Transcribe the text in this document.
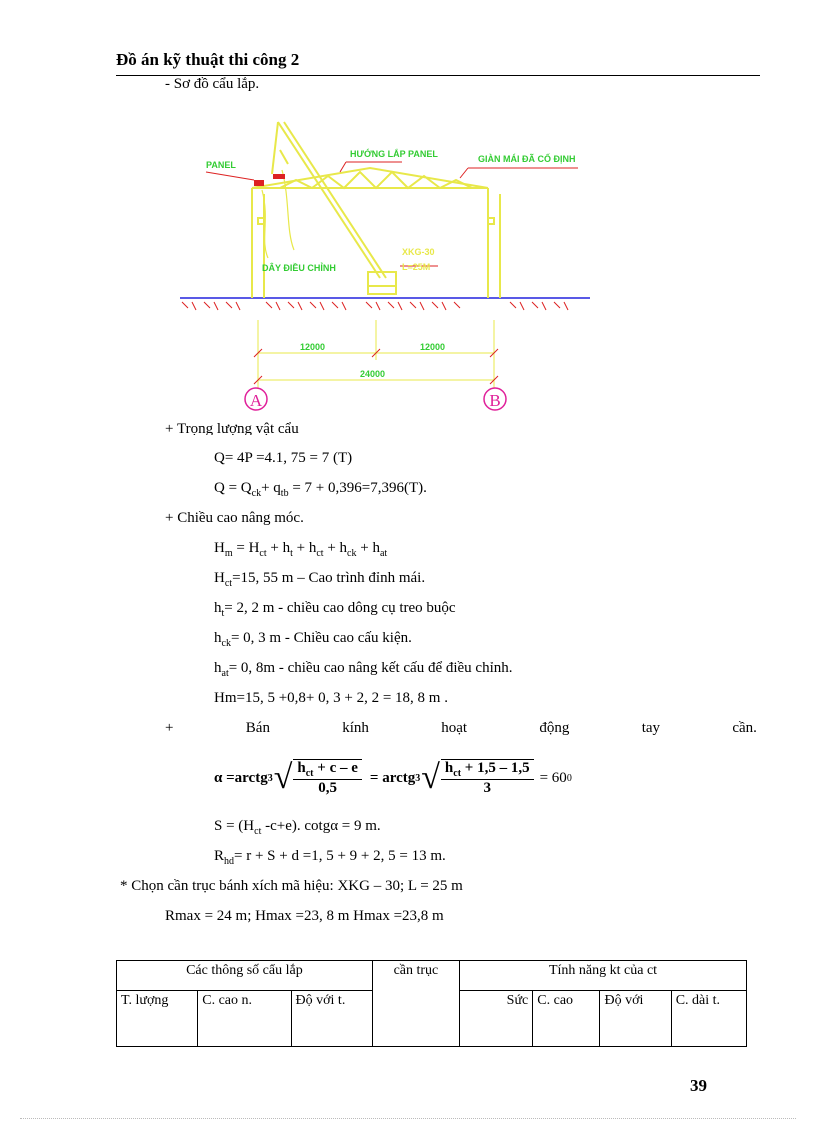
Đồ án kỹ thuật thi công 2
- Sơ đồ cẩu lắp.
PANEL
HƯỚNG LẮP PANEL	GIÀN MÁI ĐÃ CỐ ĐỊNH
DÂY ĐIỀU CHỈNH
XKG-30
L=25M
12000	12000
24000
A	B
+ Trọng lượng vật cẩu
Q= 4P =4.1, 75 = 7 (T)
$Q = Q_{ck}+ q_{tb} = 7 + 0,396=7,396(T)$.
+ Chiều cao nâng móc.
$H_m = H_{ct} + h_t + h_{ct} + h_{ck} + h_{at}$
$H_{ct}=15$, 55 m – Cao trình đỉnh mái.
$h_t= 2$, 2 m - chiều cao dông cụ treo buộc
$h_{ck}= 0$, 3 m - Chiều cao cấu kiện.
$h_{at}= 0$, 8m - chiều cao nâng kết cấu để điều chỉnh.
Hm=15, 5 +0,8+ 0, 3 + 2, 2 = 18, 8 m .
+	Bán	kính	hoạt	động	tay	cần.
α =arctg 3 √ $\frac{h_{ct} + c - e}{0,5}$ = arctg 3 √ $\frac{h_{ct} + 1,5 - 1,5}{3} = 60$ 0
$S = (H_{ct}$ -c+e). cotgα = 9 m.
$R_{hd}= r + S + d =1$, 5 + 9 + 2, 5 = 13 m.
* Chọn cần trục bánh xích mã hiệu: XKG – 30; L = 25 m
Rmax = 24 m; Hmax =23, 8 m Hmax =23,8 m
Các thông số cẩu lắp			cần trục	Tính năng kt của ct			
T. lượng	C. cao n.	Độ với t.		Sức	C. cao	Độ với	C. dài t.
39
